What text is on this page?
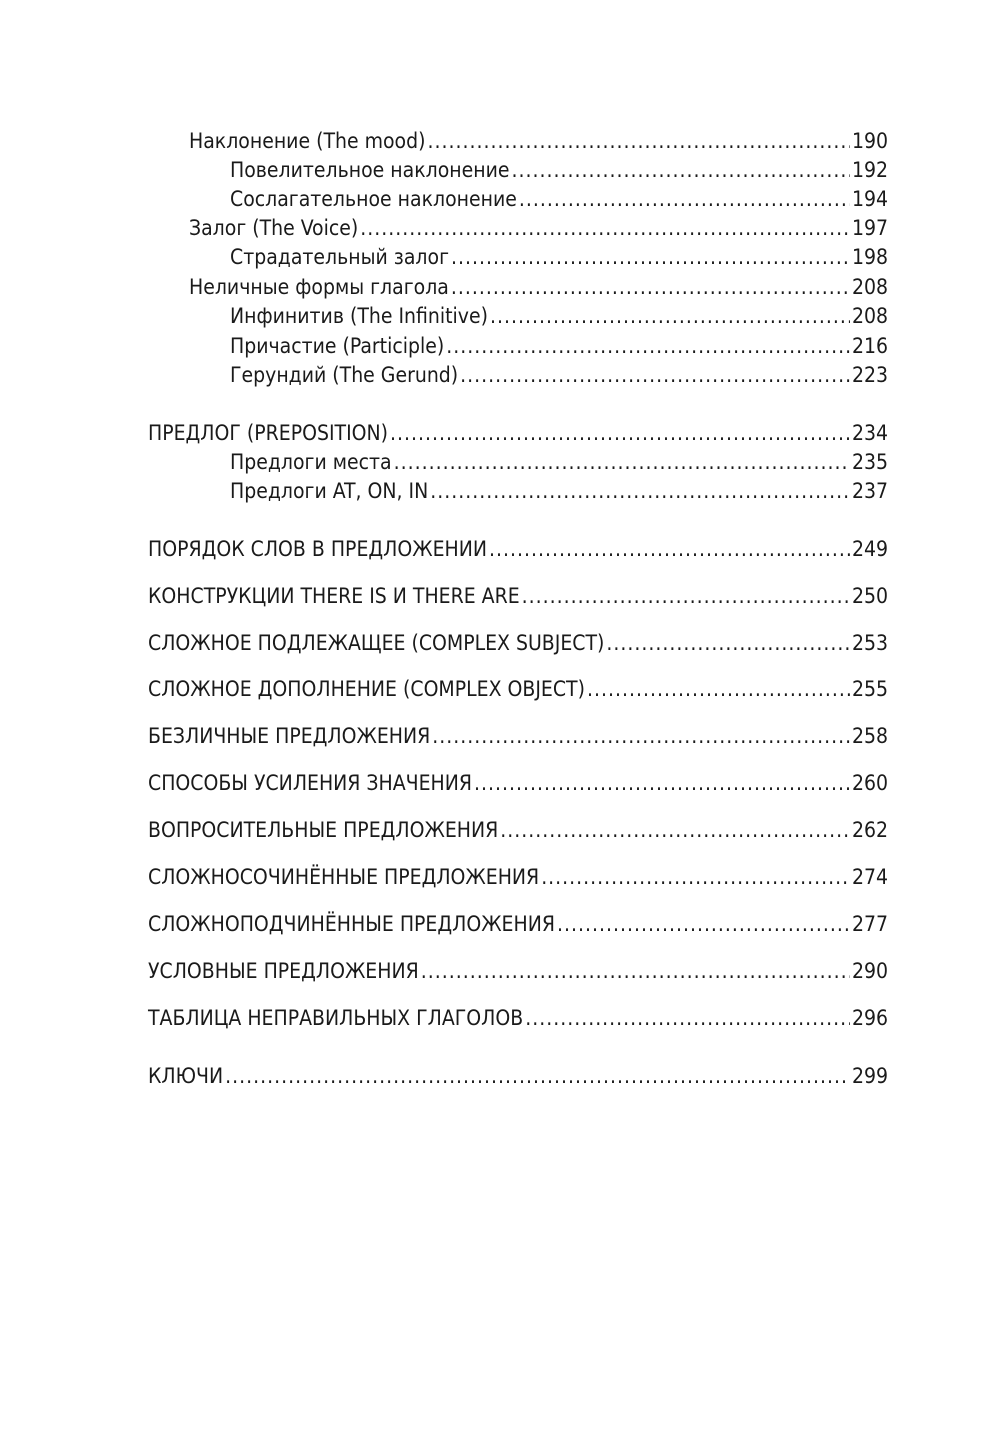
Наклонение (The mood) .....	190
Повелительное наклонение .....	192
Сослагательное наклонение .....	194
Залог (The Voice) .....	197
Страдательный залог .....	198
Неличные формы глагола .....	208
Инфинитив (The Infinitive) .....	208
Причастие (Participle) .....	216
Герундий (The Gerund) .....	223
ПРЕДЛОГ (PREPOSITION) .....	234
Предлоги места .....	235
Предлоги AT, ON, IN .....	237
ПОРЯДОК СЛОВ В ПРЕДЛОЖЕНИИ .....	249
КОНСТРУКЦИИ THERE IS И THERE ARE .....	250
СЛОЖНОЕ ПОДЛЕЖАЩЕЕ (COMPLEX SUBJECT) .....	253
СЛОЖНОЕ ДОПОЛНЕНИЕ (COMPLEX OBJECT) .....	255
БЕЗЛИЧНЫЕ ПРЕДЛОЖЕНИЯ .....	258
СПОСОБЫ УСИЛЕНИЯ ЗНАЧЕНИЯ .....	260
ВОПРОСИТЕЛЬНЫЕ ПРЕДЛОЖЕНИЯ .....	262
СЛОЖНОСОЧИНЁННЫЕ ПРЕДЛОЖЕНИЯ .....	274
СЛОЖНОПОДЧИНЁННЫЕ ПРЕДЛОЖЕНИЯ .....	277
УСЛОВНЫЕ ПРЕДЛОЖЕНИЯ .....	290
ТАБЛИЦА НЕПРАВИЛЬНЫХ ГЛАГОЛОВ .....	296
КЛЮЧИ .....	299
